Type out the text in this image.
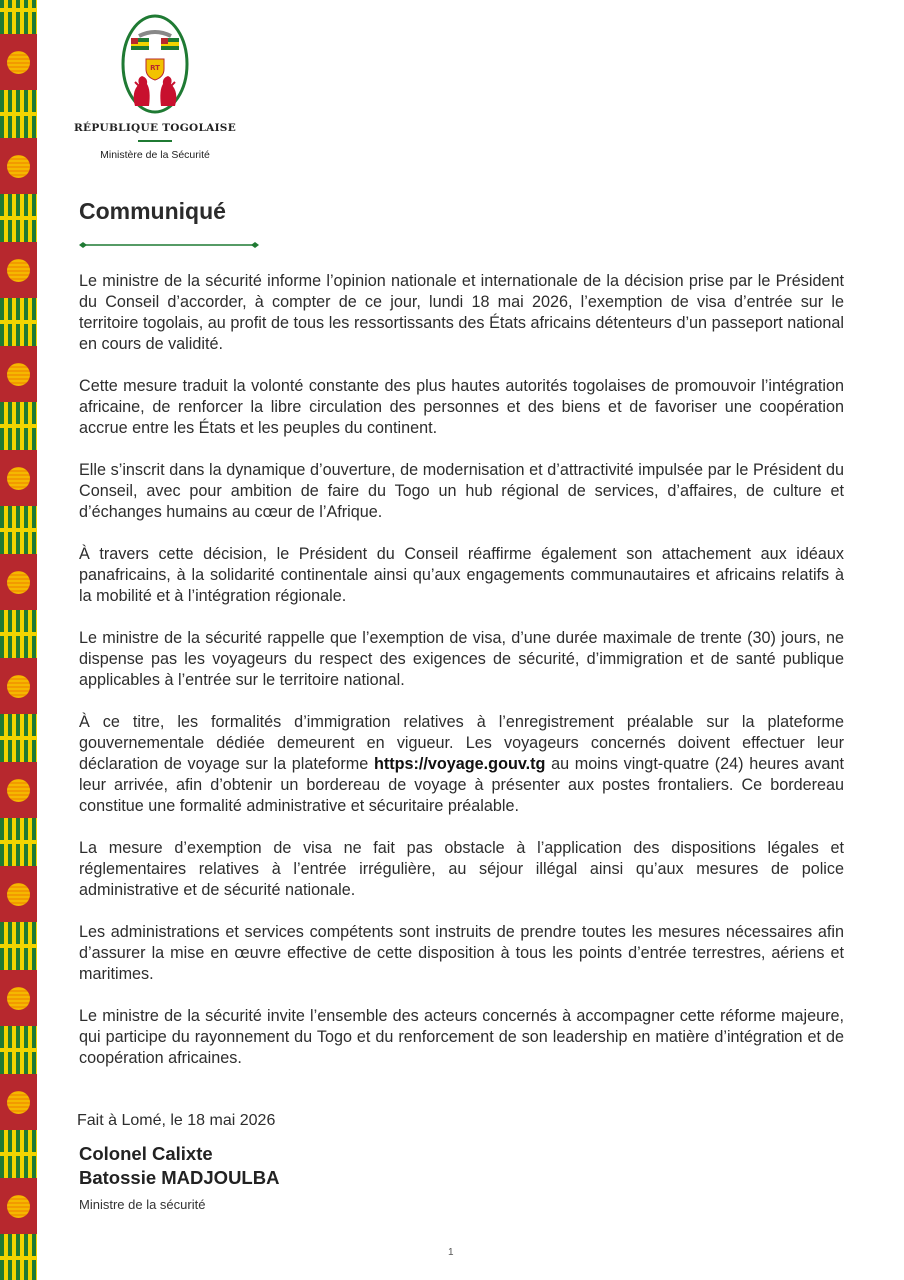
RT
RÉPUBLIQUE TOGOLAISE
Ministère de la Sécurité
Communiqué

Le ministre de la sécurité informe l’opinion nationale et internationale de la décision prise par le Président du Conseil d’accorder, à compter de ce jour, lundi 18 mai 2026, l’exemption de visa d’entrée sur le territoire togolais, au profit de tous les ressortissants des États africains détenteurs d’un passeport national en cours de validité.

Cette mesure traduit la volonté constante des plus hautes autorités togolaises de promouvoir l’intégration africaine, de renforcer la libre circulation des personnes et des biens et de favoriser une coopération accrue entre les États et les peuples du continent.

Elle s’inscrit dans la dynamique d’ouverture, de modernisation et d’attractivité impulsée par le Président du Conseil, avec pour ambition de faire du Togo un hub régional de services, d’affaires, de culture et d’échanges humains au cœur de l’Afrique.

À travers cette décision, le Président du Conseil réaffirme également son attachement aux idéaux panafricains, à la solidarité continentale ainsi qu’aux engagements communautaires et africains relatifs à la mobilité et à l’intégration régionale.

Le ministre de la sécurité rappelle que l’exemption de visa, d’une durée maximale de trente (30) jours, ne dispense pas les voyageurs du respect des exigences de sécurité, d’immigration et de santé publique applicables à l’entrée sur le territoire national.

À ce titre, les formalités d’immigration relatives à l’enregistrement préalable sur la plateforme gouvernementale dédiée demeurent en vigueur. Les voyageurs concernés doivent effectuer leur déclaration de voyage sur la plateforme https://voyage.gouv.tg au moins vingt-quatre (24) heures avant leur arrivée, afin d’obtenir un bordereau de voyage à présenter aux postes frontaliers. Ce bordereau constitue une formalité administrative et sécuritaire préalable.

La mesure d’exemption de visa ne fait pas obstacle à l’application des dispositions légales et réglementaires relatives à l’entrée irrégulière, au séjour illégal ainsi qu’aux mesures de police administrative et de sécurité nationale.

Les administrations et services compétents sont instruits de prendre toutes les mesures nécessaires afin d’assurer la mise en œuvre effective de cette disposition à tous les points d’entrée terrestres, aériens et maritimes.

Le ministre de la sécurité invite l’ensemble des acteurs concernés à accompagner cette réforme majeure, qui participe du rayonnement du Togo et du renforcement de son leadership en matière d’intégration et de coopération africaines.

Fait à Lomé, le 18 mai 2026
Colonel Calixte
Batossie MADJOULBA
Ministre de la sécurité
1
